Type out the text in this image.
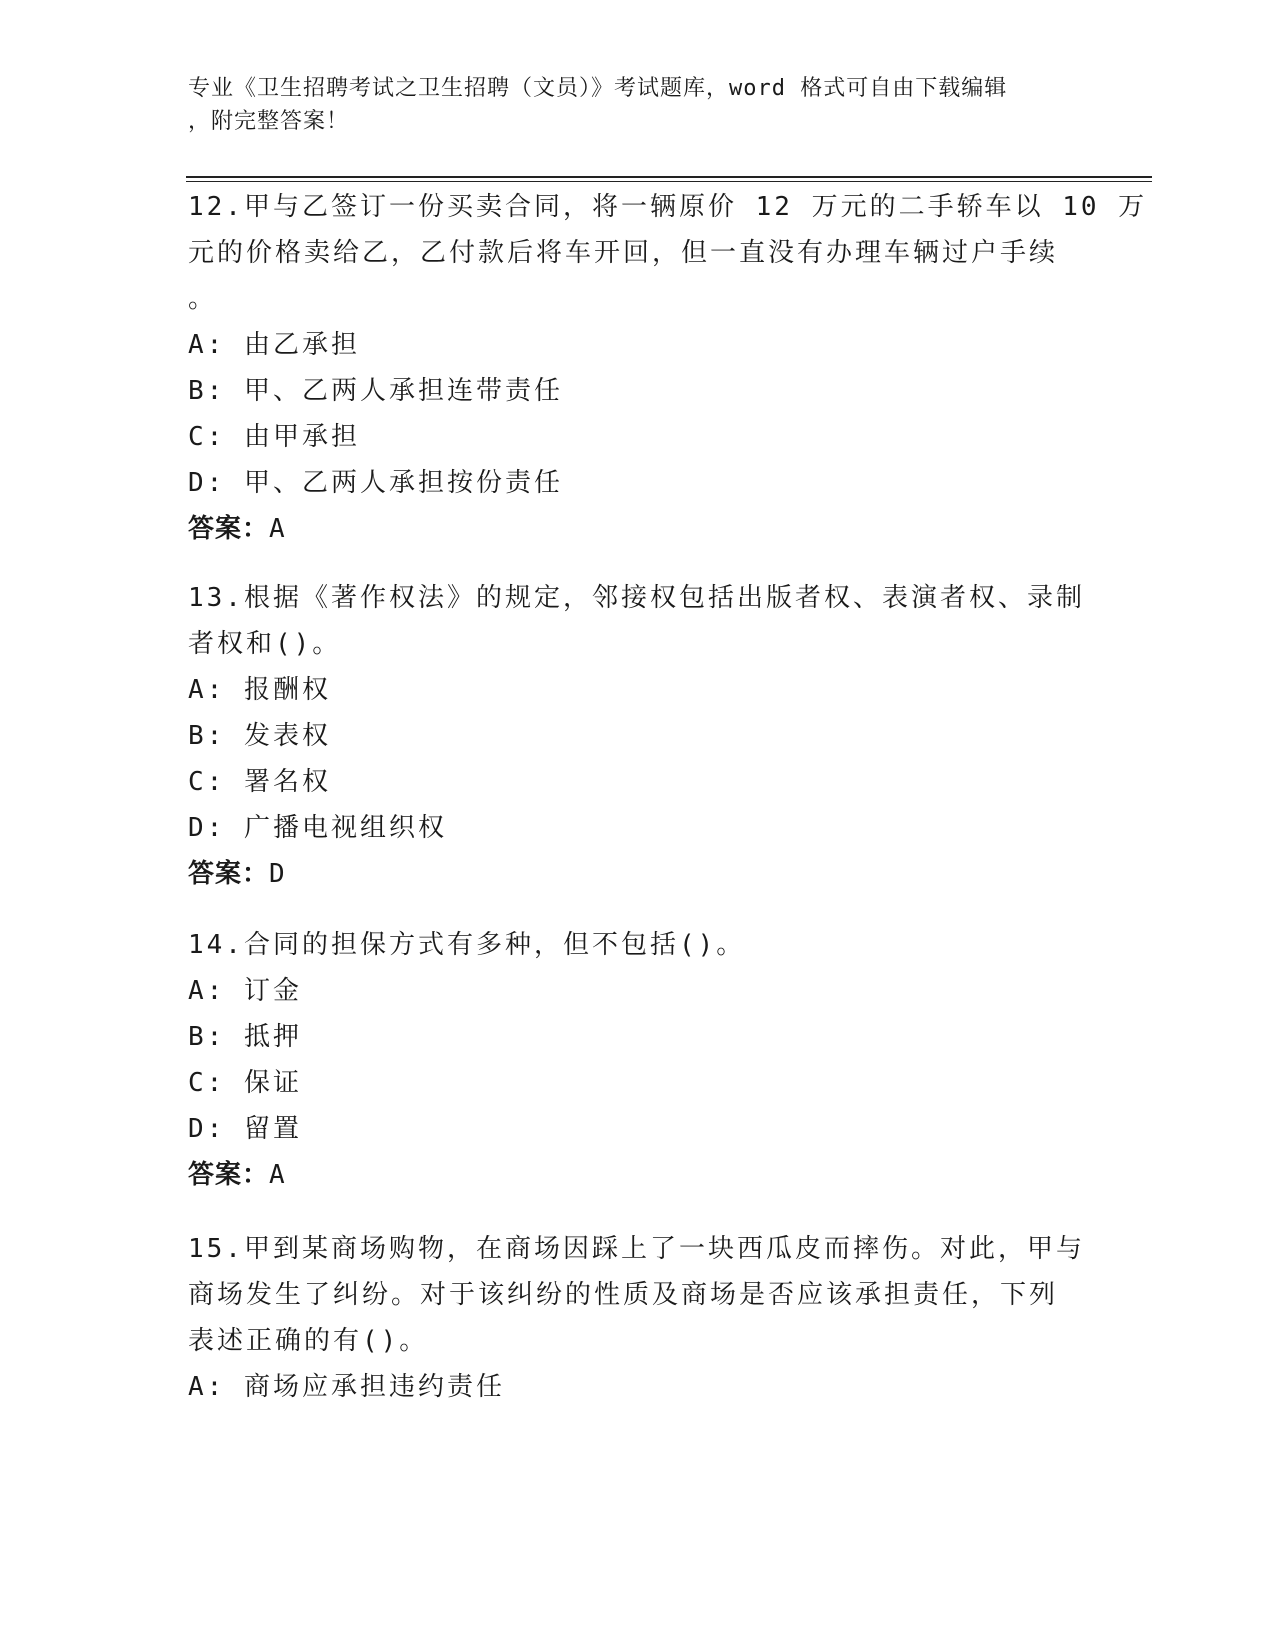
专业《卫生招聘考试之卫生招聘（文员）》考试题库，word 格式可自由下载编辑
，附完整答案！
12.甲与乙签订一份买卖合同，将一辆原价 12 万元的二手轿车以 10 万
元的价格卖给乙，乙付款后将车开回，但一直没有办理车辆过户手续
。
A: 由乙承担
B: 甲、乙两人承担连带责任
C: 由甲承担
D: 甲、乙两人承担按份责任
答案：A
13.根据《著作权法》的规定，邻接权包括出版者权、表演者权、录制
者权和()。
A: 报酬权
B: 发表权
C: 署名权
D: 广播电视组织权
答案：D
14.合同的担保方式有多种，但不包括()。
A: 订金
B: 抵押
C: 保证
D: 留置
答案：A
15.甲到某商场购物，在商场因踩上了一块西瓜皮而摔伤。对此，甲与
商场发生了纠纷。对于该纠纷的性质及商场是否应该承担责任，下列
表述正确的有()。
A: 商场应承担违约责任
